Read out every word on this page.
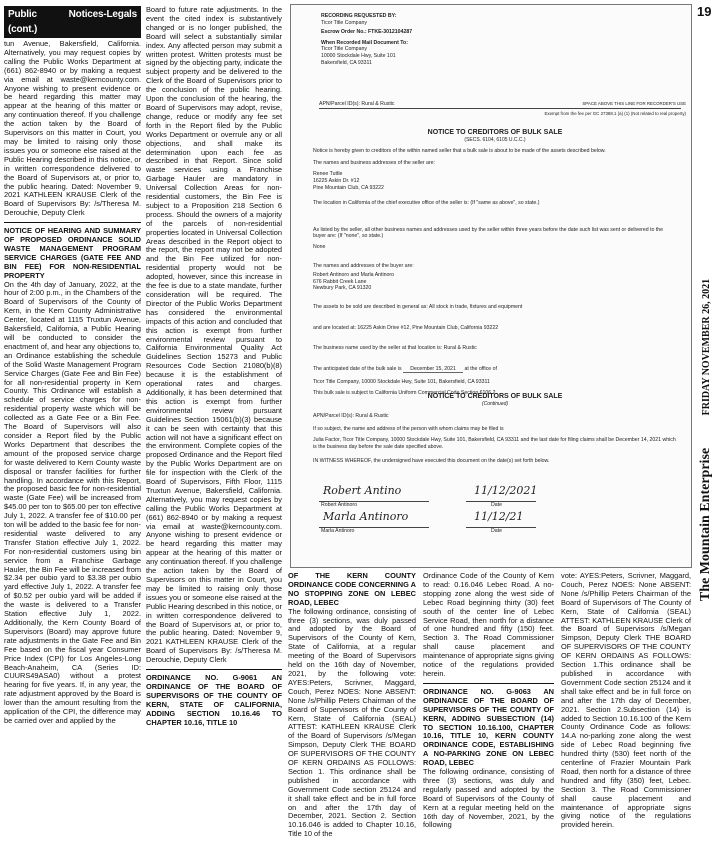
19
The Mountain Enterprise FRIDAY NOVEMBER 26, 2021
Public Notices-Legals (cont.)

tun Avenue, Bakersfield, California. Alternatively, you may request copies by calling the Public Works Department at (661) 862-8940 or by making a request via email at waste@kerncounty.com. Anyone wishing to present evidence or be heard regarding this matter may appear at the hearing of this matter or any continuation thereof. If you challenge the action taken by the Board of Supervisors on this matter in Court, you may be limited to raising only those issues you or someone else raised at the Public Hearing described in this notice, or in written correspondence delivered to the Board of Supervisors at, or prior to, the public hearing. Dated: November 9, 2021 KATHLEEN KRAUSE Clerk of the Board of Supervisors By: /s/Theresa M. Derouchie, Deputy Clerk

NOTICE OF HEARING AND SUMMARY OF PROPOSED ORDINANCE SOLID WASTE MANAGEMENT PROGRAM SERVICE CHARGES (GATE FEE AND BIN FEE) FOR NON-RESIDENTIAL PROPERTY

On the 4th day of January, 2022, at the hour of 2:00 p.m., in the Chambers of the Board of Supervisors of the County of Kern, in the Kern County Administrative Center, located at 1115 Truxtun Avenue, Bakersfield, California, a Public Hearing will be conducted to consider the enactment of, and hear any objections to, an Ordinance establishing the schedule of the Solid Waste Management Program Service Charges (Gate Fee and Bin Fee) for all non-residential property in Kern County. This Ordinance will establish a schedule of service charges for non-residential property waste which will be collected as a Gate Fee or a Bin Fee. The Board of Supervisors will also consider a Report filed by the Public Works Department that describes the amount of the proposed service charge for waste delivered to Kern County waste disposal or transfer facilities for further handling. In accordance with this Report, the proposed basic fee for non-residential waste (Gate Fee) will be increased from $45.00 per ton to $65.00 per ton effective July 1, 2022. A transfer fee of $10.00 per ton will be added to the basic fee for non-residential waste delivered to any Transfer Station effective July 1, 2022. For non-residential customers using bin service from a Franchise Garbage Hauler, the Bin Fee will be increased from $2.34 per oubio yard to $3.38 per oubio yard effective July 1, 2022. A transfer fee of $0.52 per oubio yard will be added if the waste is delivered to a Transfer Station effective July 1, 2022. Additionally, the Kern County Board of Supervisors (Board) may approve future rate adjustments in the Gate Fee and Bin Fee based on the fiscal year Consumer Price Index (CPI) for Los Angeles-Long Beach-Anaheim, CA (Series ID: CUURS49ASA0) without a protest hearing for five years. If, in any year, the rate adjustment approved by the Board is lower than the amount resulting from the application of the CPI, the difference may be carried over and applied by the

Board to future rate adjustments. In the event the cited index is substantively changed or is no longer published, the Board will select a substantially similar index. Any affected person may submit a written protest. Written protests must be signed by the objecting party, indicate the subject property and be delivered to the Clerk of the Board of Supervisors prior to the conclusion of the public hearing. Upon the conclusion of the hearing, the Board of Supervisors may adopt, revise, change, reduce or modify any fee set forth in the Report filed by the Public Works Department or overrule any or all objections, and shall make its determination upon each fee as described in that Report. Since solid waste services using a Franchise Garbage Hauler are mandatory in Universal Collection Areas for non-residential customers, the Bin Fee is subject to a Proposition 218 Section 6 process. Should the owners of a majority of the parcels of non-residential properties located in Universal Collection Areas described in the Report object to the report, the report may not be adopted and the Bin Fee utilized for non-residential property would not be adopted, however, since this increase in the fee is due to a state mandate, further consideration will be required. The Director of the Public Works Department has considered the environmental impacts of this action and concluded that this action is exempt from further environmental review pursuant to California Environmental Quality Act Guidelines Section 15273 and Public Resources Code Section 21080(b)(8) because it is the establishment of operational rates and charges. Additionally, it has been determined that this action is exempt from further environmental review pursuant Guidelines Section 15061(b)(3) because it can be seen with certainty that this action will not have a significant effect on the environment. Complete copies of the proposed Ordinance and the Report filed by the Public Works Department are on file for inspection with the Clerk of the Board of Supervisors, Fifth Floor, 1115 Truxtun Avenue, Bakersfield, California. Alternatively, you may request copies by calling the Public Works Department at (661) 862-8940 or by making a request via email at waste@kerncounty.com. Anyone wishing to present evidence or be heard regarding this matter may appear at the hearing of this matter or any continuation thereof. If you challenge the action taken by the Board of Supervisors on this matter in Court, you may be limited to raising only those issues you or someone else raised at the Public Hearing described in this notice, or in written correspondence delivered to the Board of Supervisors at, or prior to, the public hearing. Dated: November 9, 2021 KATHLEEN KRAUSE Clerk of the Board of Supervisors By: /s/Theresa M. Derouchie, Deputy Clerk

ORDINANCE NO. G-9061 AN ORDINANCE OF THE BOARD OF SUPERVISORS OF THE COUNTY OF KERN, STATE OF CALIFORNIA, ADDING SECTION 10.16.46 TO CHAPTER 10.16, TITLE 10

RECORDING REQUESTED BY:
Ticor Title Company
Escrow Order No.: FTKE-3012104287
When Recorded Mail Document To:
Ticor Title Company
10000 Stockdale Hwy, Suite 101
Bakersfield, CA 93311
APN/Parcel ID(s): Rural & Rustic	SPACE ABOVE THIS LINE FOR RECORDER'S USE
Exempt from the fee per GC 27388.1 (a) (1) (Not related to real property)
NOTICE TO CREDITORS OF BULK SALE
(SECS. 6104, 6105 U.C.C.)
Notice is hereby given to creditors of the within named seller that a bulk sale is about to be made of the assets described below.
The names and business addresses of the seller are:
Renee Tuttle
16225 Askin Dr. #12
Pine Mountain Club, CA 93222
The location in California of the chief executive office of the seller is: (If "same as above", so state.)
As listed by the seller, all other business names and addresses used by the seller within three years before the date such list was sent or delivered to the buyer are: (If "none", so state.)
None
The names and addresses of the buyer are:
Robert Antinoro and Marla Antinoro
676 Rabbit Creek Lane
Newbury Park, CA 91320
The assets to be sold are described in general as: All stock in trade, fixtures and equipment
and are located at: 16225 Askin Drive #12, Pine Mountain Club, California 93222
The business name used by the seller at that location is: Rural & Rustic
The anticipated date of the bulk sale is December 15, 2021 at the office of
Ticor Title Company, 10000 Stockdale Hwy, Suite 101, Bakersfield, CA 93311
This bulk sale is subject to California Uniform Commercial Code Section 6106.2.
NOTICE TO CREDITORS OF BULK SALE
(Continued)
APN/Parcel ID(s): Rural & Rustic
If so subject, the name and address of the person with whom claims may be filed is
Julia Factor, Ticor Title Company, 10000 Stockdale Hwy, Suite 101, Bakersfield, CA 93311 and the last date for filing claims shall be December 14, 2021 which is the business day before the sale date specified above.
IN WITNESS WHEREOF, the undersigned have executed this document on the date(s) set forth below.
Robert Antino
Robert Antinoro
11/12/2021
Date
Marla Antinoro
Marla Antinoro
11/12/21
Date

OF THE KERN COUNTY ORDINANCE CODE CONCERNING A NO STOPPING ZONE ON LEBEC ROAD, LEBEC

The following ordinance, consisting of three (3) sections, was duly passed and adopted by the Board of Supervisors of the County of Kern, State of California, at a regular meeting of the Board of Supervisors held on the 16th day of November, 2021, by the following vote: AYES:Peters, Scrivner, Maggard, Couch, Perez NOES: None ABSENT: None /s/Phillip Peters Chairman of the Board of Supervisors of the County of Kern, State of California (SEAL) ATTEST: KATHLEEN KRAUSE Clerk of the Board of Supervisors /s/Megan Simpson, Deputy Clerk THE BOARD OF SUPERVISORS OF THE COUNTY OF KERN ORDAINS AS FOLLOWS: Section 1. This ordinance shall be published in accordance with Government Code section 25124 and it shall take effect and be in full force on and after the 17th day of December, 2021. Section 2. Section 10.16.046 is added to Chapter 10.16, Title 10 of the

Ordinance Code of the County of Kern to read: 0.16.046 Lebec Road. A no-stopping zone along the west side of Lebec Road beginning thirty (30) feet south of the center line of Lebec Service Road, then north for a distance of one hundred and fifty (150) feet. Section 3. The Road Commissioner shall cause placement and maintenance of appropriate signs giving notice of the regulations provided herein.

ORDINANCE NO. G-9063 AN ORDINANCE OF THE BOARD OF SUPERVISORS OF THE COUNTY OF KERN, ADDING SUBSECTION (14) TO SECTION 10.16.100, CHAPTER 10.16, TITLE 10, KERN COUNTY ORDINANCE CODE, ESTABLISHING A NO-PARKING ZONE ON LEBEC ROAD, LEBEC

The following ordinance, consisting of three (3) sections, was duly and regularly passed and adopted by the Board of Supervisors of the County of Kern at a regular meeting held on the 16th day of November, 2021, by the following

vote: AYES:Peters, Scrivner, Maggard, Couch, Perez NOES: None ABSENT: None /s/Phillip Peters Chairman of the Board of Supervisors of The County of Kern, State of California (SEAL) ATTEST: KATHLEEN KRAUSE Clerk of the Board of Supervisors /s/Megan Simpson, Deputy Clerk THE BOARD OF SUPERVISORS OF THE COUNTY OF KERN ORDAINS AS FOLLOWS: Section 1.This ordinance shall be published in accordance with Government Code section 25124 and it shall take effect and be in full force on and after the 17th day of December, 2021. Section 2.Subsection (14) is added to Section 10.16.100 of the Kern County Ordinance Code as follows: 14.A no-parking zone along the west side of Lebec Road beginning five hundred thirty (530) feet north of the centerline of Frazier Mountain Park Road, then north for a distance of three hundred and fifty (350) feet, Lebec. Section 3. The Road Commissioner shall cause placement and maintenance of appropriate signs giving notice of the regulations provided herein.
